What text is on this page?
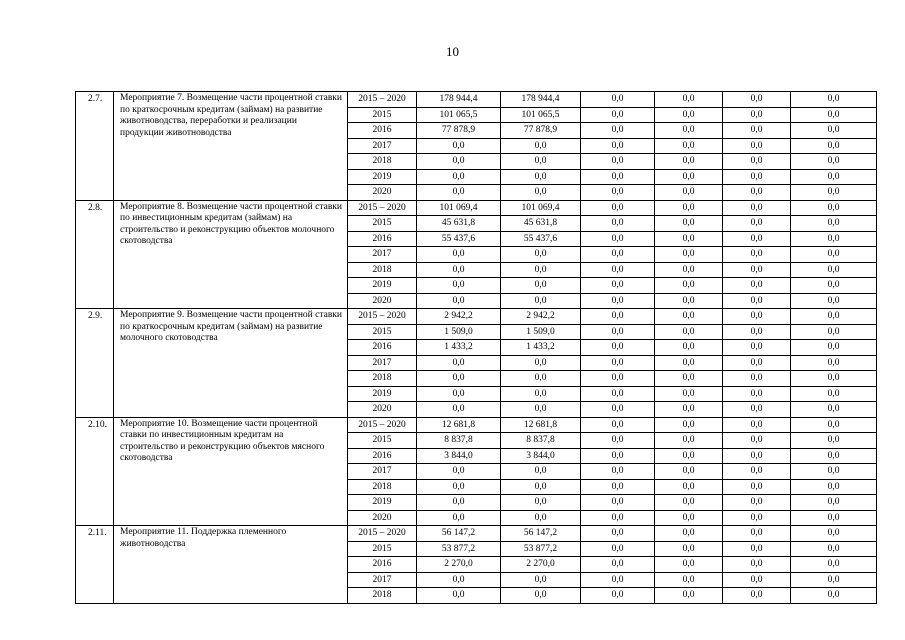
10
2.7.	Мероприятие 7. Возмещение части процентной ставки по краткосрочным кредитам (займам) на развитие животноводства, переработки и реализации продукции животноводства	2015 – 2020	178 944,4	178 944,4	0,0	0,0	0,0	0,0
		2015	101 065,5	101 065,5	0,0	0,0	0,0	0,0
		2016	77 878,9	77 878,9	0,0	0,0	0,0	0,0
		2017	0,0	0,0	0,0	0,0	0,0	0,0
		2018	0,0	0,0	0,0	0,0	0,0	0,0
		2019	0,0	0,0	0,0	0,0	0,0	0,0
		2020	0,0	0,0	0,0	0,0	0,0	0,0
2.8.	Мероприятие 8. Возмещение части процентной ставки по инвестиционным кредитам (займам) на строительство и реконструкцию объектов молочного скотоводства	2015 – 2020	101 069,4	101 069,4	0,0	0,0	0,0	0,0
		2015	45 631,8	45 631,8	0,0	0,0	0,0	0,0
		2016	55 437,6	55 437,6	0,0	0,0	0,0	0,0
		2017	0,0	0,0	0,0	0,0	0,0	0,0
		2018	0,0	0,0	0,0	0,0	0,0	0,0
		2019	0,0	0,0	0,0	0,0	0,0	0,0
		2020	0,0	0,0	0,0	0,0	0,0	0,0
2.9.	Мероприятие 9. Возмещение части процентной ставки по краткосрочным кредитам (займам) на развитие молочного скотоводства	2015 – 2020	2 942,2	2 942,2	0,0	0,0	0,0	0,0
		2015	1 509,0	1 509,0	0,0	0,0	0,0	0,0
		2016	1 433,2	1 433,2	0,0	0,0	0,0	0,0
		2017	0,0	0,0	0,0	0,0	0,0	0,0
		2018	0,0	0,0	0,0	0,0	0,0	0,0
		2019	0,0	0,0	0,0	0,0	0,0	0,0
		2020	0,0	0,0	0,0	0,0	0,0	0,0
2.10.	Мероприятие 10. Возмещение части процентной ставки по инвестиционным кредитам на строительство и реконструкцию объектов мясного скотоводства	2015 – 2020	12 681,8	12 681,8	0,0	0,0	0,0	0,0
		2015	8 837,8	8 837,8	0,0	0,0	0,0	0,0
		2016	3 844,0	3 844,0	0,0	0,0	0,0	0,0
		2017	0,0	0,0	0,0	0,0	0,0	0,0
		2018	0,0	0,0	0,0	0,0	0,0	0,0
		2019	0,0	0,0	0,0	0,0	0,0	0,0
		2020	0,0	0,0	0,0	0,0	0,0	0,0
2.11.	Мероприятие 11. Поддержка племенного животноводства	2015 – 2020	56 147,2	56 147,2	0,0	0,0	0,0	0,0
		2015	53 877,2	53 877,2	0,0	0,0	0,0	0,0
		2016	2 270,0	2 270,0	0,0	0,0	0,0	0,0
		2017	0,0	0,0	0,0	0,0	0,0	0,0
		2018	0,0	0,0	0,0	0,0	0,0	0,0
